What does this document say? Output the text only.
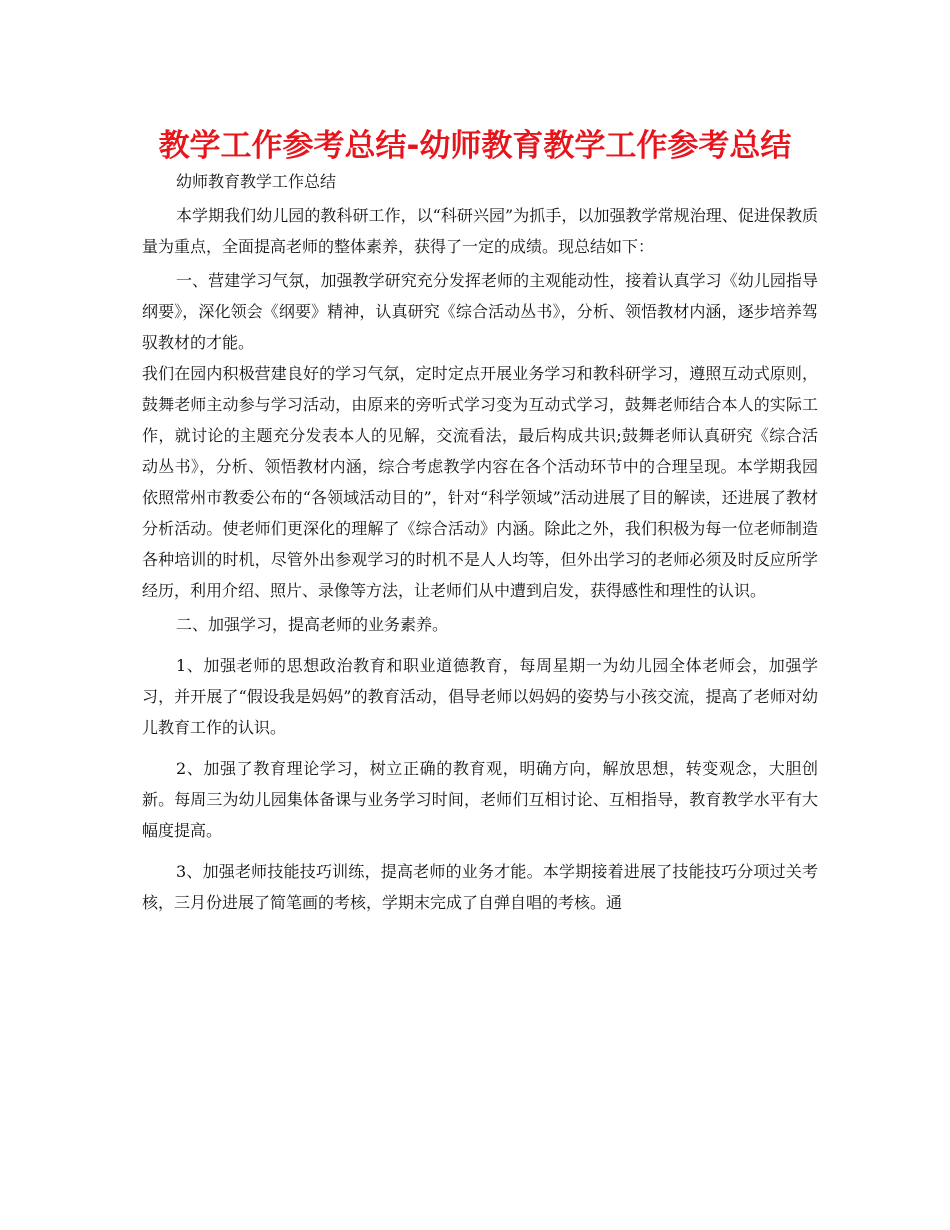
教学工作参考总结-幼师教育教学工作参考总结

幼师教育教学工作总结

本学期我们幼儿园的教科研工作，以“科研兴园”为抓手，以加强教学常规治理、促进保教质量为重点，全面提高老师的整体素养，获得了一定的成绩。现总结如下：

一、营建学习气氛，加强教学研究充分发挥老师的主观能动性，接着认真学习《幼儿园指导纲要》，深化领会《纲要》精神，认真研究《综合活动丛书》，分析、领悟教材内涵，逐步培养驾驭教材的才能。

我们在园内积极营建良好的学习气氛，定时定点开展业务学习和教科研学习，遵照互动式原则，鼓舞老师主动参与学习活动，由原来的旁听式学习变为互动式学习，鼓舞老师结合本人的实际工作，就讨论的主题充分发表本人的见解，交流看法，最后构成共识;鼓舞老师认真研究《综合活动丛书》，分析、领悟教材内涵，综合考虑教学内容在各个活动环节中的合理呈现。本学期我园依照常州市教委公布的“各领域活动目的”，针对“科学领域”活动进展了目的解读，还进展了教材分析活动。使老师们更深化的理解了《综合活动》内涵。除此之外，我们积极为每一位老师制造各种培训的时机，尽管外出参观学习的时机不是人人均等，但外出学习的老师必须及时反应所学经历，利用介绍、照片、录像等方法，让老师们从中遭到启发，获得感性和理性的认识。

二、加强学习，提高老师的业务素养。

1、加强老师的思想政治教育和职业道德教育，每周星期一为幼儿园全体老师会，加强学习，并开展了“假设我是妈妈”的教育活动，倡导老师以妈妈的姿势与小孩交流，提高了老师对幼儿教育工作的认识。

2、加强了教育理论学习，树立正确的教育观，明确方向，解放思想，转变观念，大胆创新。每周三为幼儿园集体备课与业务学习时间，老师们互相讨论、互相指导，教育教学水平有大幅度提高。

3、加强老师技能技巧训练，提高老师的业务才能。本学期接着进展了技能技巧分项过关考核，三月份进展了简笔画的考核，学期末完成了自弹自唱的考核。通
